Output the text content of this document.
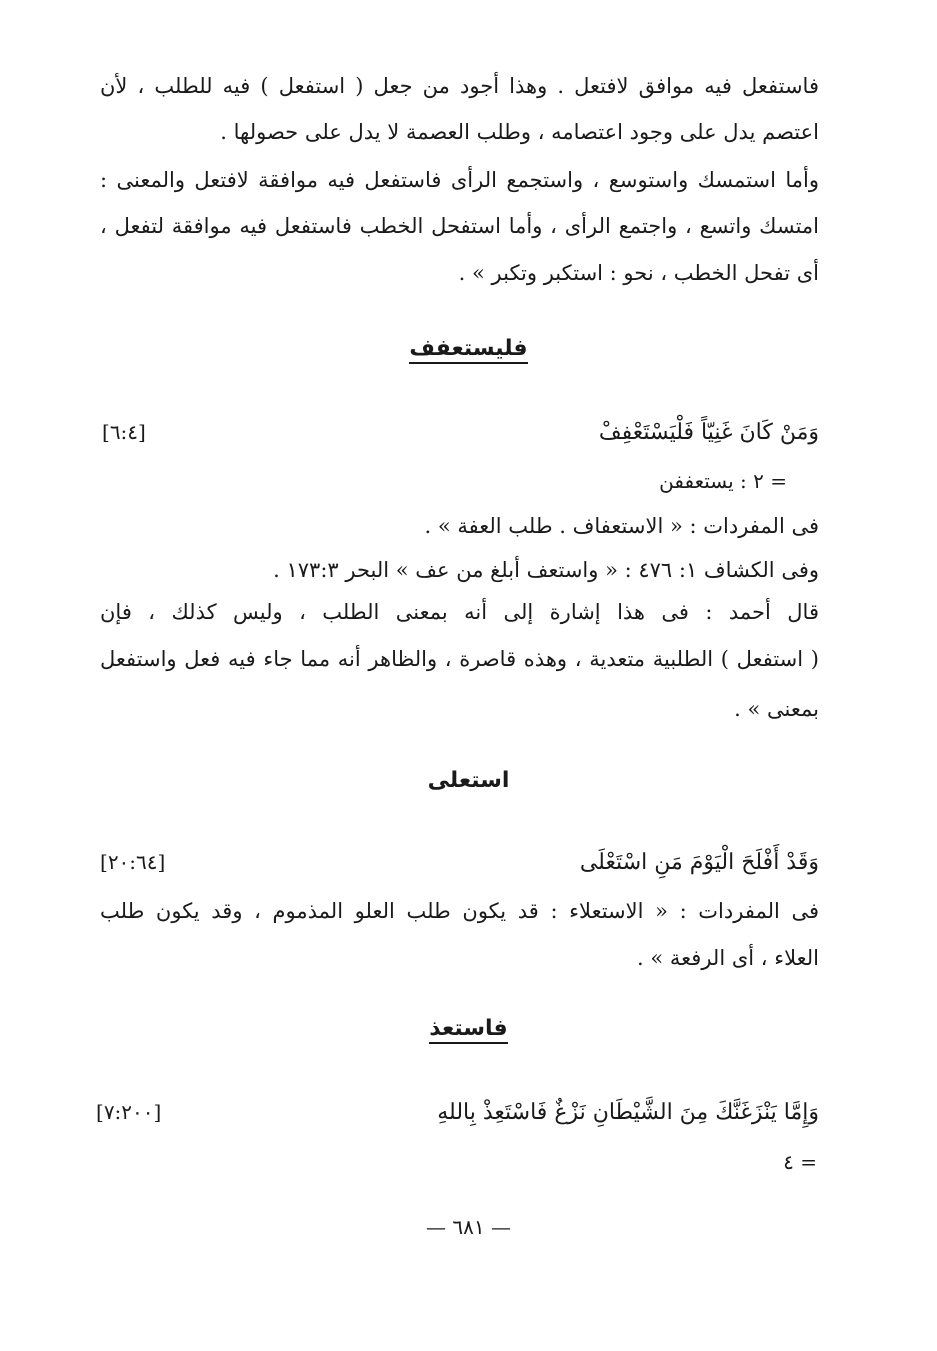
فاستفعل فيه موافق لافتعل . وهذا أجود من جعل ( استفعل ) فيه للطلب ، لأن
اعتصم يدل على وجود اعتصامه ، وطلب العصمة لا يدل على حصولها .
وأما استمسك واستوسع ، واستجمع الرأى فاستفعل فيه موافقة لافتعل والمعنى :
امتسك واتسع ، واجتمع الرأى ، وأما استفحل الخطب فاستفعل فيه موافقة لتفعل ،
أى تفحل الخطب ، نحو : استكبر وتكبر » .
فليستعفف
وَمَنْ كَانَ غَنِيّاً فَلْيَسْتَعْفِفْ
[٦:٤]
= ٢ : يستعففن
فى المفردات : « الاستعفاف . طلب العفة » .
وفى الكشاف ١: ٤٧٦ : « واستعف أبلغ من عف » البحر ١٧٣:٣ .
قال أحمد : فى هذا إشارة إلى أنه بمعنى الطلب ، وليس كذلك ، فإن
( استفعل ) الطلبية متعدية ، وهذه قاصرة ، والظاهر أنه مما جاء فيه فعل واستفعل
بمعنى » .
استعلى
وَقَدْ أَفْلَحَ الْيَوْمَ مَنِ اسْتَعْلَى
[٢٠:٦٤]
فى المفردات : « الاستعلاء : قد يكون طلب العلو المذموم ، وقد يكون طلب
العلاء ، أى الرفعة » .
فاستعذ
وَإِمَّا يَنْزَغَنَّكَ مِنَ الشَّيْطَانِ نَزْغٌ فَاسْتَعِذْ بِاللهِ
[٧:٢٠٠]
= ٤
— ٦٨١ —
